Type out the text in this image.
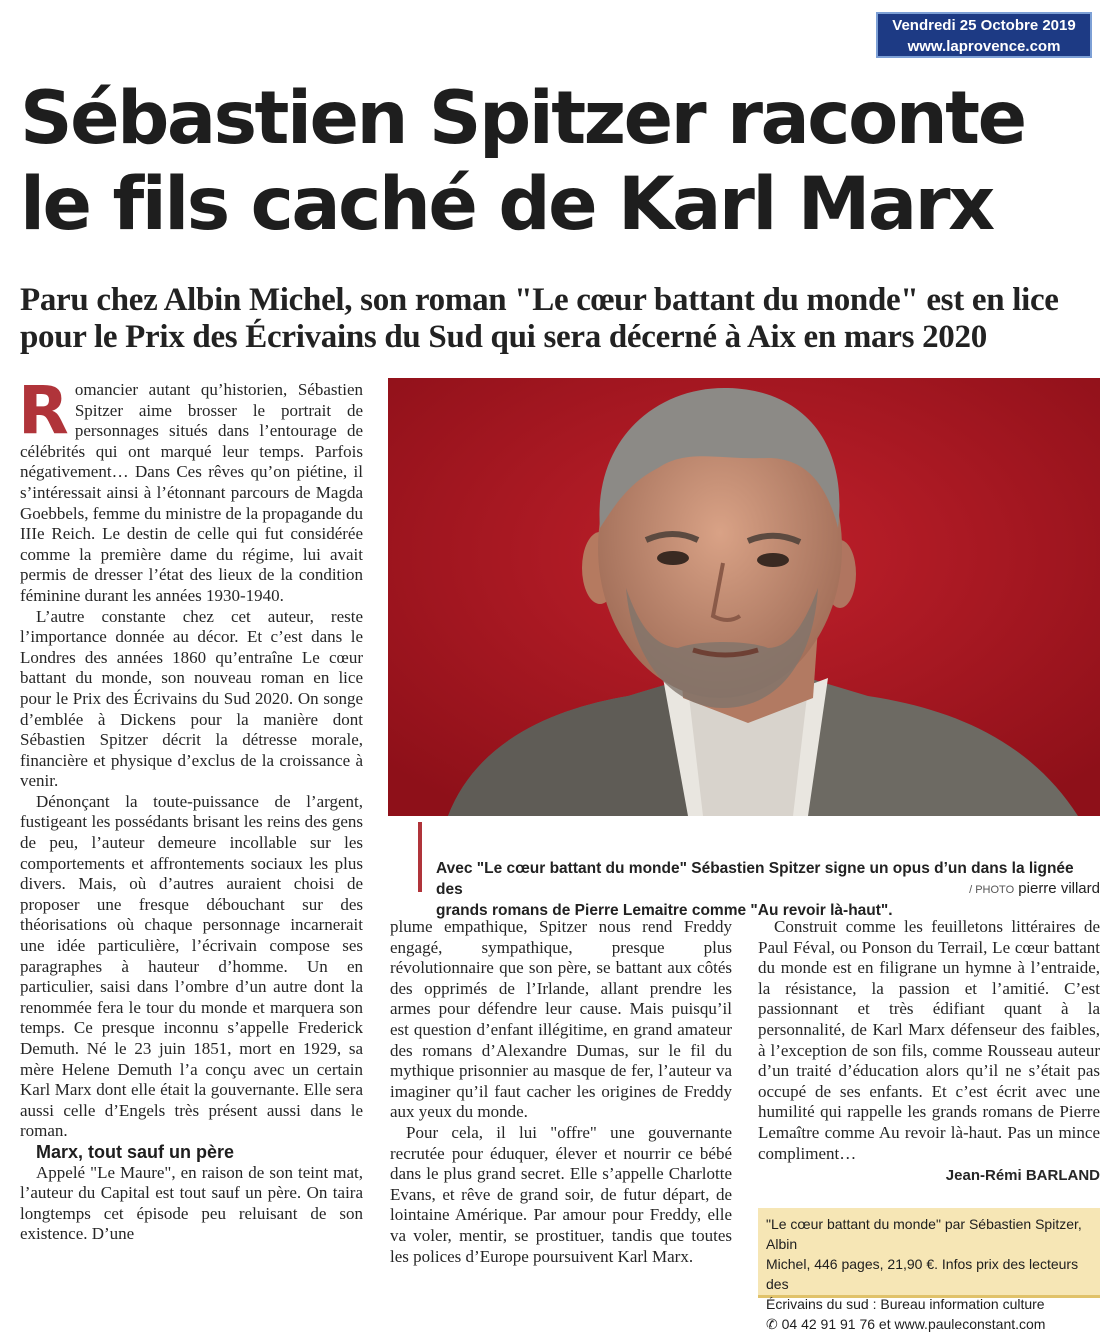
Vendredi 25 Octobre 2019
www.laprovence.com
Sébastien Spitzer raconte
le fils caché de Karl Marx
Paru chez Albin Michel, son roman "Le cœur battant du monde" est en lice
pour le Prix des Écrivains du Sud qui sera décerné à Aix en mars 2020

Romancier autant qu’historien, Sébastien Spitzer aime brosser le portrait de personnages situés dans l’entourage de célébrités qui ont marqué leur temps. Parfois négativement… Dans Ces rêves qu’on piétine, il s’intéressait ainsi à l’étonnant parcours de Magda Goebbels, femme du ministre de la propagande du IIIe Reich. Le destin de celle qui fut considérée comme la première dame du régime, lui avait permis de dresser l’état des lieux de la condition féminine durant les années 1930-1940.

L’autre constante chez cet auteur, reste l’importance donnée au décor. Et c’est dans le Londres des années 1860 qu’entraîne Le cœur battant du monde, son nouveau roman en lice pour le Prix des Écrivains du Sud 2020. On songe d’emblée à Dickens pour la manière dont Sébastien Spitzer décrit la détresse morale, financière et physique d’exclus de la croissance à venir.

Dénonçant la toute-puissance de l’argent, fustigeant les possédants brisant les reins des gens de peu, l’auteur demeure incollable sur les comportements et affrontements sociaux les plus divers. Mais, où d’autres auraient choisi de proposer une fresque débouchant sur des théorisations où chaque personnage incarnerait une idée particulière, l’écrivain compose ses paragraphes à hauteur d’homme. Un en particulier, saisi dans l’ombre d’un autre dont la renommée fera le tour du monde et marquera son temps. Ce presque inconnu s’appelle Frederick Demuth. Né le 23 juin 1851, mort en 1929, sa mère Helene Demuth l’a conçu avec un certain Karl Marx dont elle était la gouvernante. Elle sera aussi celle d’Engels très présent aussi dans le roman.

Marx, tout sauf un père

Appelé "Le Maure", en raison de son teint mat, l’auteur du Capital est tout sauf un père. On taira longtemps cet épisode peu reluisant de son existence. D’une

Avec "Le cœur battant du monde" Sébastien Spitzer signe un opus d’un dans la lignée des
grands romans de Pierre Lemaitre comme "Au revoir là-haut".
/ PHOTO pierre villard

plume empathique, Spitzer nous rend Freddy engagé, sympathique, presque plus révolutionnaire que son père, se battant aux côtés des opprimés de l’Irlande, allant prendre les armes pour défendre leur cause. Mais puisqu’il est question d’enfant illégitime, en grand amateur des romans d’Alexandre Dumas, sur le fil du mythique prisonnier au masque de fer, l’auteur va imaginer qu’il faut cacher les origines de Freddy aux yeux du monde.

Pour cela, il lui "offre" une gouvernante recrutée pour éduquer, élever et nourrir ce bébé dans le plus grand secret. Elle s’appelle Charlotte Evans, et rêve de grand soir, de futur départ, de lointaine Amérique. Par amour pour Freddy, elle va voler, mentir, se prostituer, tandis que toutes les polices d’Europe poursuivent Karl Marx.

Construit comme les feuilletons littéraires de Paul Féval, ou Ponson du Terrail, Le cœur battant du monde est en filigrane un hymne à l’entraide, la résistance, la passion et l’amitié. C’est passionnant et très édifiant quant à la personnalité, de Karl Marx défenseur des faibles, à l’exception de son fils, comme Rousseau auteur d’un traité d’éducation alors qu’il ne s’était pas occupé de ses enfants. Et c’est écrit avec une humilité qui rappelle les grands romans de Pierre Lemaître comme Au revoir là-haut. Pas un mince compliment…

Jean-Rémi BARLAND

"Le cœur battant du monde" par Sébastien Spitzer, Albin
Michel, 446 pages, 21,90 €. Infos prix des lecteurs des
Écrivains du sud : Bureau information culture
✆ 04 42 91 91 76 et www.pauleconstant.com
